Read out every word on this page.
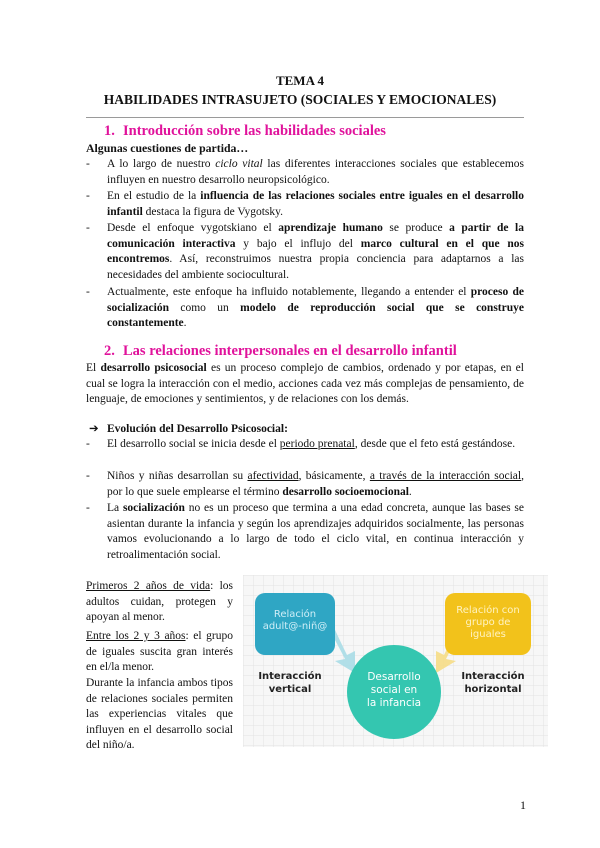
TEMA 4
HABILIDADES INTRASUJETO (SOCIALES Y EMOCIONALES)
1. Introducción sobre las habilidades sociales
Algunas cuestiones de partida…
- A lo largo de nuestro ciclo vital las diferentes interacciones sociales que establecemos influyen en nuestro desarrollo neuropsicológico.
- En el estudio de la influencia de las relaciones sociales entre iguales en el desarrollo infantil destaca la figura de Vygotsky.
- Desde el enfoque vygotskiano el aprendizaje humano se produce a partir de la comunicación interactiva y bajo el influjo del marco cultural en el que nos encontremos. Así, reconstruimos nuestra propia conciencia para adaptarnos a las necesidades del ambiente sociocultural.
- Actualmente, este enfoque ha influido notablemente, llegando a entender el proceso de socialización como un modelo de reproducción social que se construye constantemente.
2. Las relaciones interpersonales en el desarrollo infantil
El desarrollo psicosocial es un proceso complejo de cambios, ordenado y por etapas, en el cual se logra la interacción con el medio, acciones cada vez más complejas de pensamiento, de lenguaje, de emociones y sentimientos, y de relaciones con los demás.
➔ Evolución del Desarrollo Psicosocial:
- El desarrollo social se inicia desde el periodo prenatal, desde que el feto está gestándose.
- Niños y niñas desarrollan su afectividad, básicamente, a través de la interacción social, por lo que suele emplearse el término desarrollo socioemocional.
- La socialización no es un proceso que termina a una edad concreta, aunque las bases se asientan durante la infancia y según los aprendizajes adquiridos socialmente, las personas vamos evolucionando a lo largo de todo el ciclo vital, en continua interacción y retroalimentación social.
Primeros 2 años de vida: los adultos cuidan, protegen y apoyan al menor.
Entre los 2 y 3 años: el grupo de iguales suscita gran interés en el/la menor.
Durante la infancia ambos tipos de relaciones sociales permiten las experiencias vitales que influyen en el desarrollo social del niño/a.
Relación
adult@-niñ@
Relación con
grupo de
iguales
Interacción
vertical
Interacción
horizontal
Desarrollo
social en
la infancia
1
